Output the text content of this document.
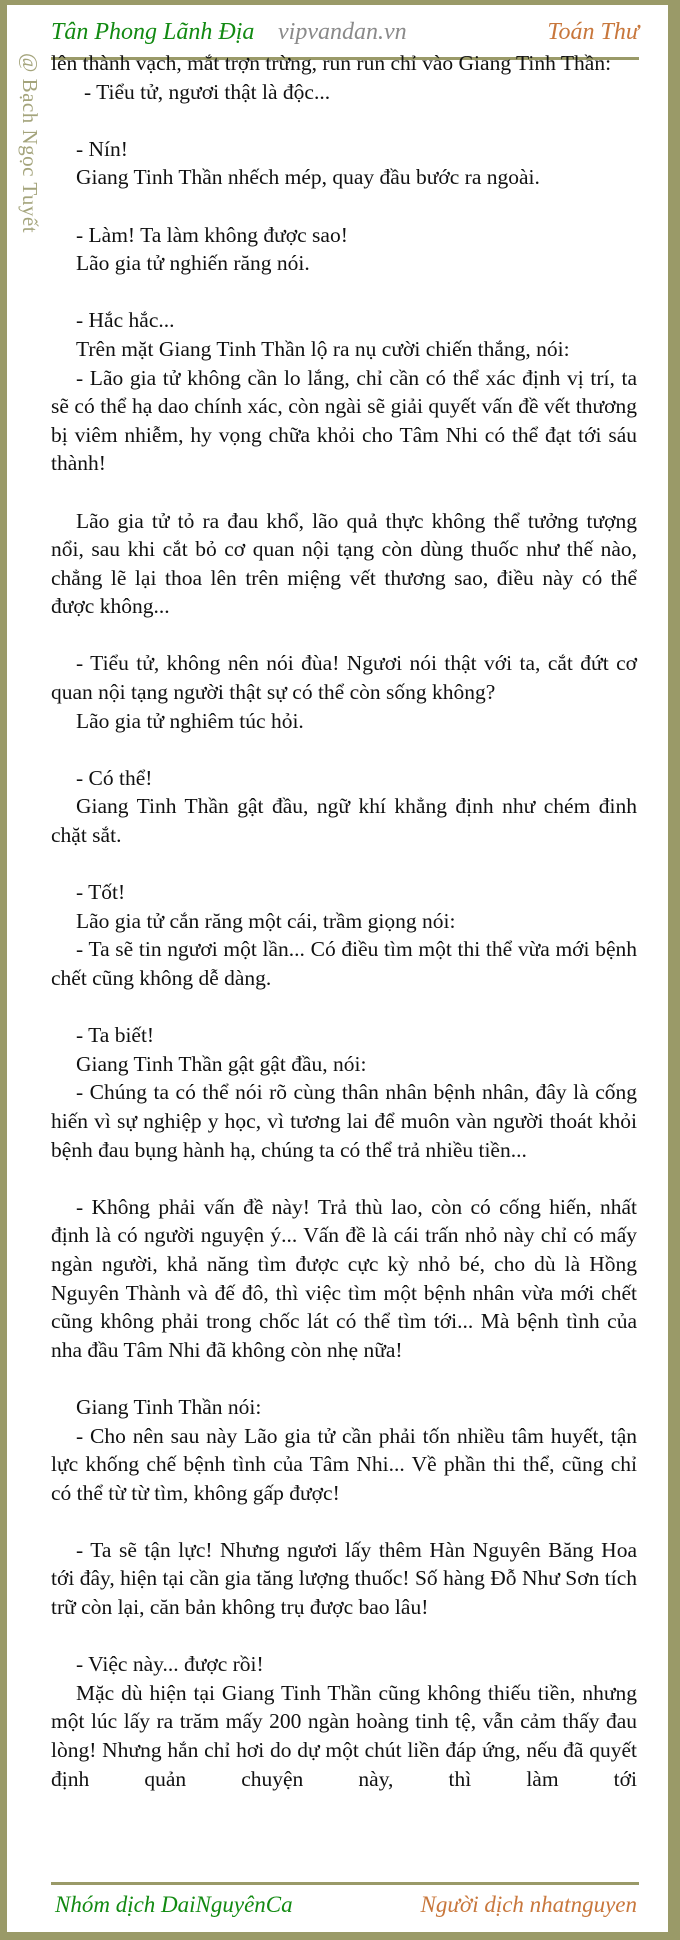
@ Bạch Ngọc Tuyết
Tân Phong Lãnh Địa vipvandan.vn	Toán Thư

lên thành vạch, mắt trợn trừng, run run chỉ vào Giang Tinh Thần:

- Tiểu tử, ngươi thật là độc...

- Nín!

Giang Tinh Thần nhếch mép, quay đầu bước ra ngoài.

- Làm! Ta làm không được sao!

Lão gia tử nghiến răng nói.

- Hắc hắc...

Trên mặt Giang Tinh Thần lộ ra nụ cười chiến thắng, nói:

- Lão gia tử không cần lo lắng, chỉ cần có thể xác định vị trí, ta sẽ có thể hạ dao chính xác, còn ngài sẽ giải quyết vấn đề vết thương bị viêm nhiễm, hy vọng chữa khỏi cho Tâm Nhi có thể đạt tới sáu thành!

Lão gia tử tỏ ra đau khổ, lão quả thực không thể tưởng tượng nổi, sau khi cắt bỏ cơ quan nội tạng còn dùng thuốc như thế nào, chẳng lẽ lại thoa lên trên miệng vết thương sao, điều này có thể được không...

- Tiểu tử, không nên nói đùa! Ngươi nói thật với ta, cắt đứt cơ quan nội tạng người thật sự có thể còn sống không?

Lão gia tử nghiêm túc hỏi.

- Có thể!

Giang Tinh Thần gật đầu, ngữ khí khẳng định như chém đinh chặt sắt.

- Tốt!

Lão gia tử cắn răng một cái, trầm giọng nói:

- Ta sẽ tin ngươi một lần... Có điều tìm một thi thể vừa mới bệnh chết cũng không dễ dàng.

- Ta biết!

Giang Tinh Thần gật gật đầu, nói:

- Chúng ta có thể nói rõ cùng thân nhân bệnh nhân, đây là cống hiến vì sự nghiệp y học, vì tương lai để muôn vàn người thoát khỏi bệnh đau bụng hành hạ, chúng ta có thể trả nhiều tiền...

- Không phải vấn đề này! Trả thù lao, còn có cống hiến, nhất định là có người nguyện ý... Vấn đề là cái trấn nhỏ này chỉ có mấy ngàn người, khả năng tìm được cực kỳ nhỏ bé, cho dù là Hồng Nguyên Thành và đế đô, thì việc tìm một bệnh nhân vừa mới chết cũng không phải trong chốc lát có thể tìm tới... Mà bệnh tình của nha đầu Tâm Nhi đã không còn nhẹ nữa!

Giang Tinh Thần nói:

- Cho nên sau này Lão gia tử cần phải tốn nhiều tâm huyết, tận lực khống chế bệnh tình của Tâm Nhi... Về phần thi thể, cũng chỉ có thể từ từ tìm, không gấp được!

- Ta sẽ tận lực! Nhưng ngươi lấy thêm Hàn Nguyên Băng Hoa tới đây, hiện tại cần gia tăng lượng thuốc! Số hàng Đỗ Như Sơn tích trữ còn lại, căn bản không trụ được bao lâu!

- Việc này... được rồi!

Mặc dù hiện tại Giang Tinh Thần cũng không thiếu tiền, nhưng một lúc lấy ra trăm mấy 200 ngàn hoàng tinh tệ, vẫn cảm thấy đau lòng! Nhưng hắn chỉ hơi do dự một chút liền đáp ứng, nếu đã quyết định quản chuyện này, thì làm tới

Nhóm dịch DaiNguyênCa	Người dịch nhatnguyen
